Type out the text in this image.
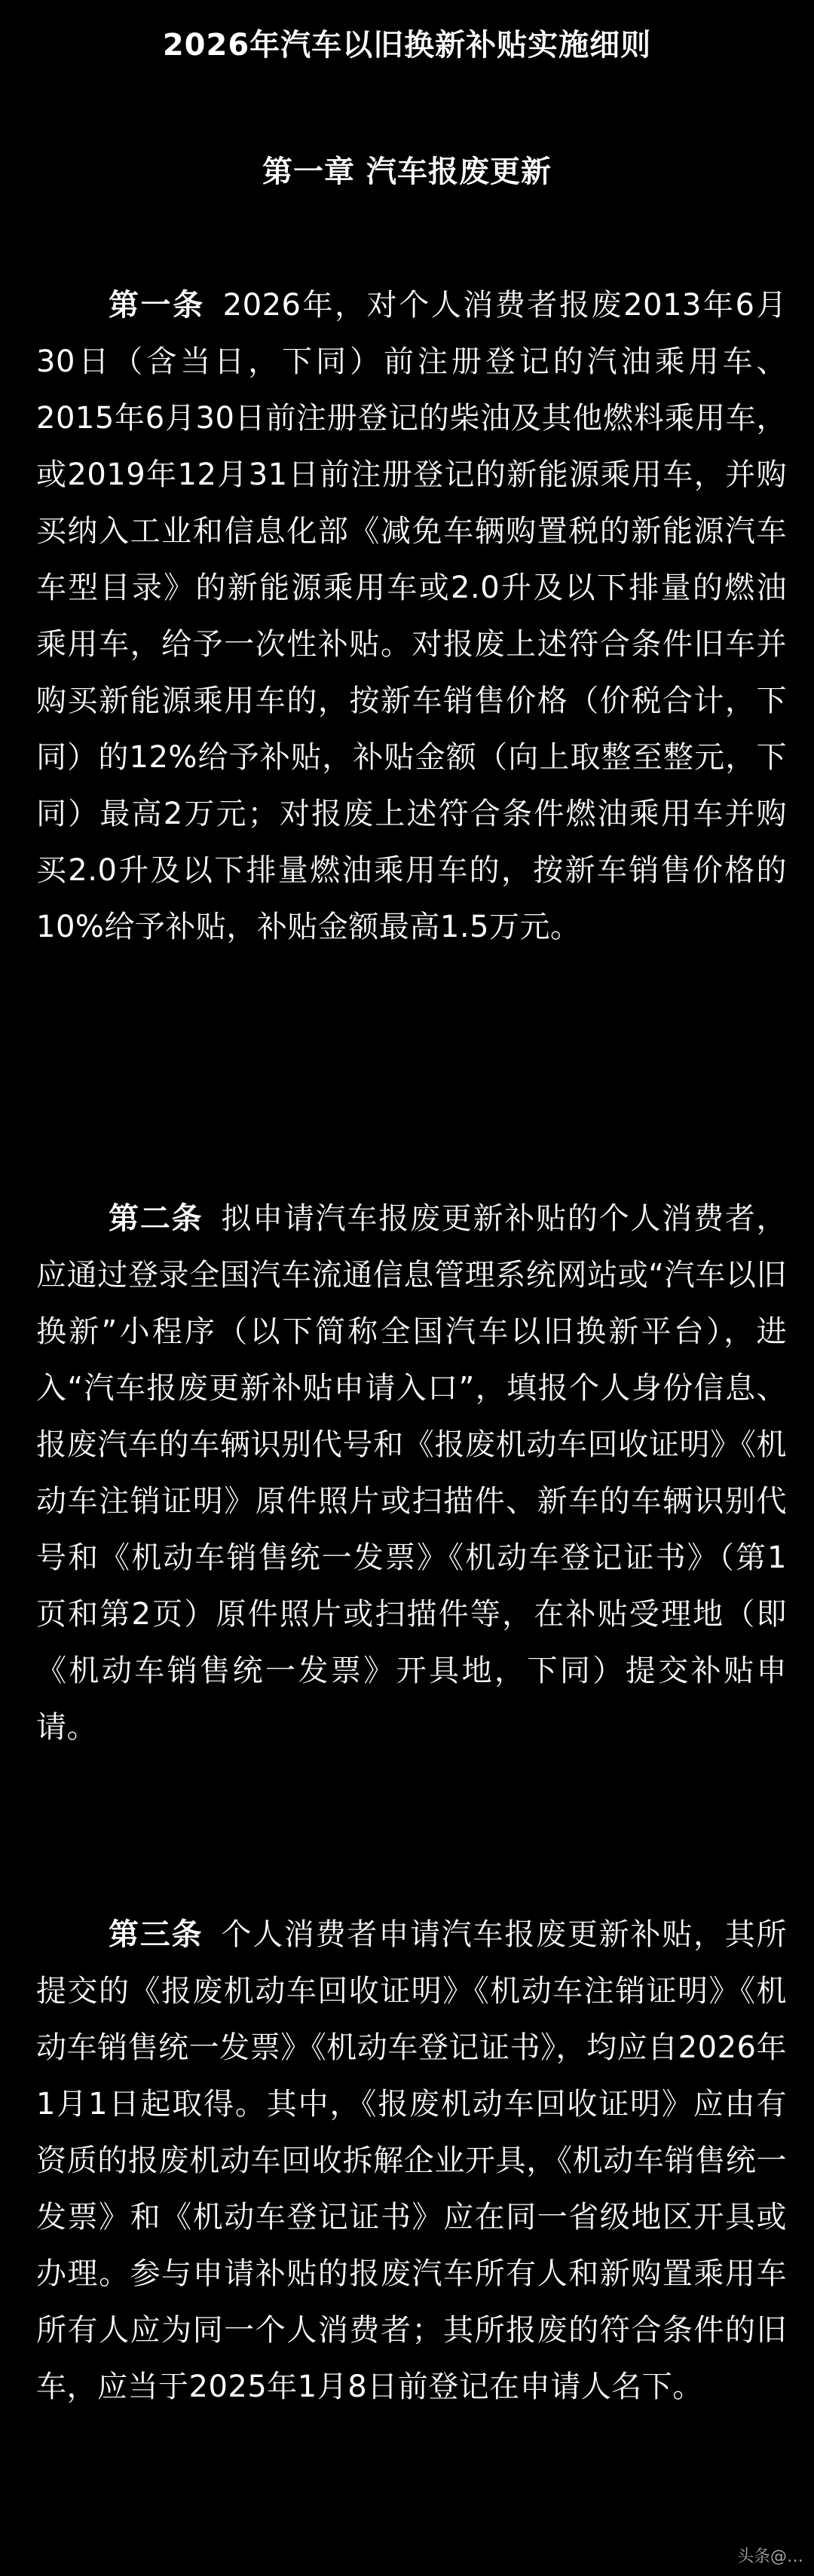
2026年汽车以旧换新补贴实施细则
第一章 汽车报废更新

第一条 2026年，对个人消费者报废2013年6月30日（含当日，下同）前注册登记的汽油乘用车、2015年6月30日前注册登记的柴油及其他燃料乘用车，或2019年12月31日前注册登记的新能源乘用车，并购买纳入工业和信息化部《减免车辆购置税的新能源汽车车型目录》的新能源乘用车或2.0升及以下排量的燃油乘用车，给予一次性补贴。对报废上述符合条件旧车并购买新能源乘用车的，按新车销售价格（价税合计，下同）的12%给予补贴，补贴金额（向上取整至整元，下同）最高2万元；对报废上述符合条件燃油乘用车并购买2.0升及以下排量燃油乘用车的，按新车销售价格的10%给予补贴，补贴金额最高1.5万元。

第二条 拟申请汽车报废更新补贴的个人消费者，应通过登录全国汽车流通信息管理系统网站或“汽车以旧换新”小程序（以下简称全国汽车以旧换新平台），进入“汽车报废更新补贴申请入口”，填报个人身份信息、报废汽车的车辆识别代号和《报废机动车回收证明》《机动车注销证明》原件照片或扫描件、新车的车辆识别代号和《机动车销售统一发票》《机动车登记证书》（第1页和第2页）原件照片或扫描件等，在补贴受理地（即《机动车销售统一发票》开具地，下同）提交补贴申请。

第三条 个人消费者申请汽车报废更新补贴，其所提交的《报废机动车回收证明》《机动车注销证明》《机动车销售统一发票》《机动车登记证书》，均应自2026年1月1日起取得。其中，《报废机动车回收证明》应由有资质的报废机动车回收拆解企业开具，《机动车销售统一发票》和《机动车登记证书》应在同一省级地区开具或办理。参与申请补贴的报废汽车所有人和新购置乘用车所有人应为同一个人消费者；其所报废的符合条件的旧车，应当于2025年1月8日前登记在申请人名下。

头条@…
